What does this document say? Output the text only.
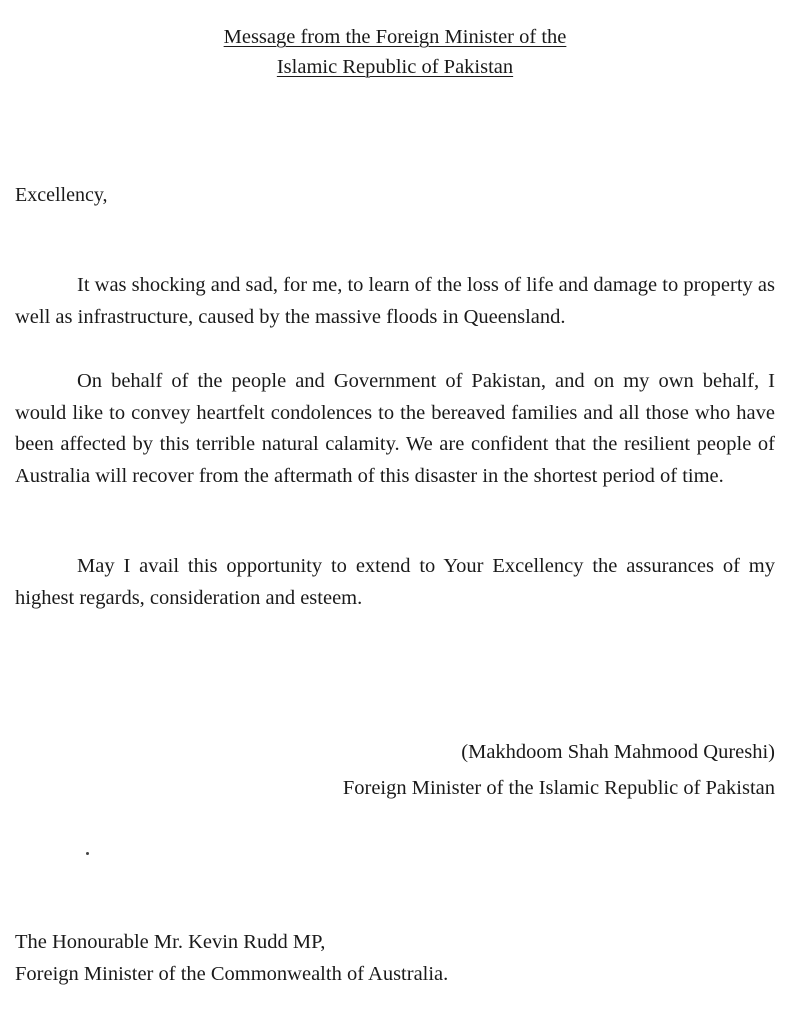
Message from the Foreign Minister of the
Islamic Republic of Pakistan

Excellency,

It was shocking and sad, for me, to learn of the loss of life and damage to property as well as infrastructure, caused by the massive floods in Queensland.

On behalf of the people and Government of Pakistan, and on my own behalf, I would like to convey heartfelt condolences to the bereaved families and all those who have been affected by this terrible natural calamity. We are confident that the resilient people of Australia will recover from the aftermath of this disaster in the shortest period of time.

May I avail this opportunity to extend to Your Excellency the assurances of my highest regards, consideration and esteem.

(Makhdoom Shah Mahmood Qureshi)
Foreign Minister of the Islamic Republic of Pakistan
The Honourable Mr. Kevin Rudd MP,
Foreign Minister of the Commonwealth of Australia.
